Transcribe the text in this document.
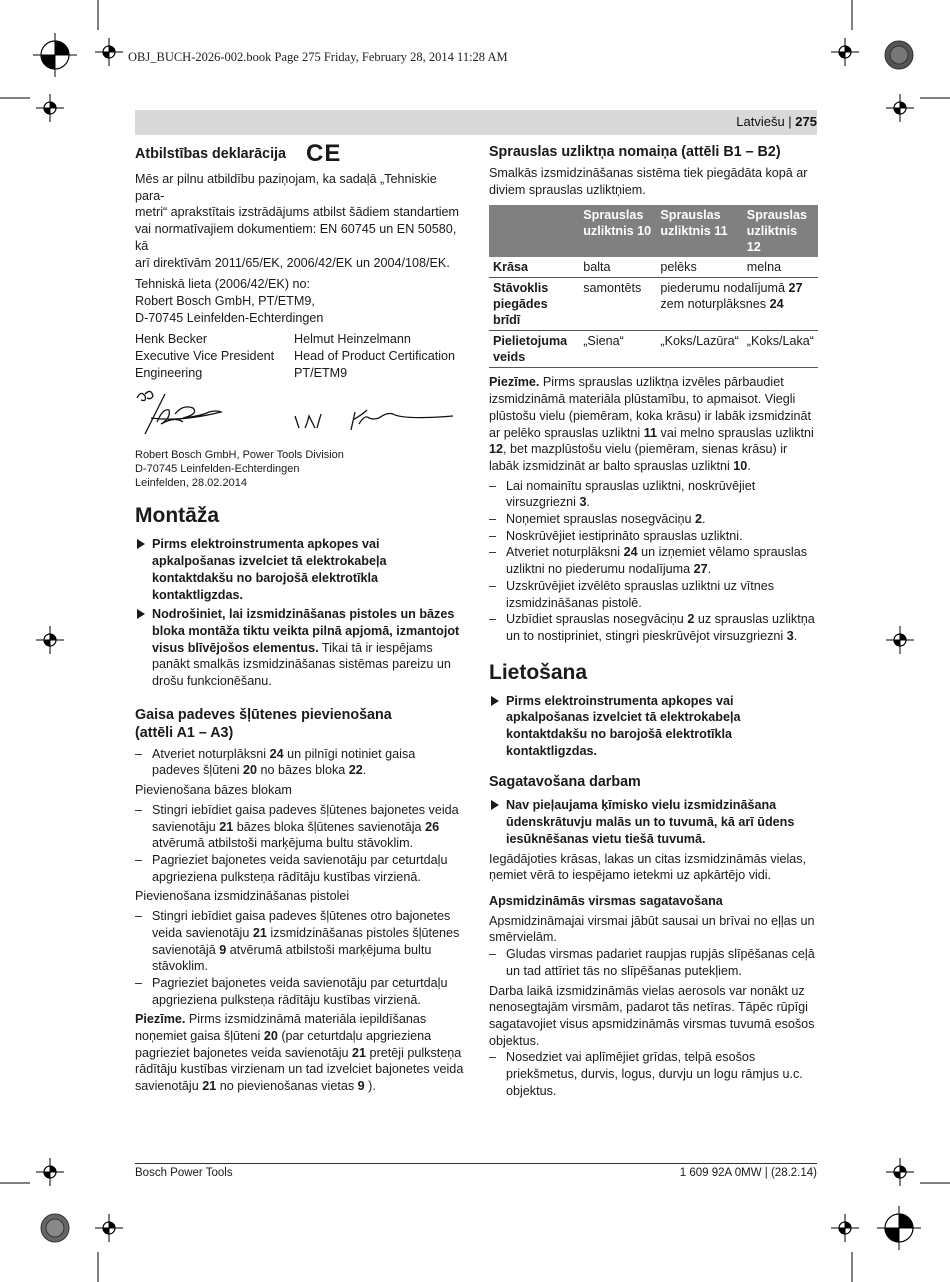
OBJ_BUCH-2026-002.book Page 275 Friday, February 28, 2014 11:28 AM
Latviešu | 275
Atbilstības deklarācija CE
Mēs ar pilnu atbildību paziņojam, ka sadaļā „Tehniskie para-
metri“ aprakstītais izstrādājums atbilst šādiem standartiem
vai normatīvajiem dokumentiem: EN 60745 un EN 50580, kā
arī direktīvām 2011/65/EK, 2006/42/EK un 2004/108/EK.
Tehniskā lieta (2006/42/EK) no:
Robert Bosch GmbH, PT/ETM9,
D-70745 Leinfelden-Echterdingen
Henk Becker
Executive Vice President
Engineering
Helmut Heinzelmann
Head of Product Certification
PT/ETM9
Robert Bosch GmbH, Power Tools Division
D-70745 Leinfelden-Echterdingen
Leinfelden, 28.02.2014
Montāža
Pirms elektroinstrumenta apkopes vai apkalpošanas izvelciet tā elektrokabeļa kontaktdakšu no barojošā elektrotīkla kontaktligzdas.
Nodrošiniet, lai izsmidzināšanas pistoles un bāzes bloka montāža tiktu veikta pilnā apjomā, izmantojot visus blīvējošos elementus. Tikai tā ir iespējams panākt smalkās izsmidzināšanas sistēmas pareizu un drošu funkcionēšanu.
Gaisa padeves šļūtenes pievienošana
(attēli A1 – A3)
– Atveriet noturplāksni 24 un pilnīgi notiniet gaisa padeves šļūteni 20 no bāzes bloka 22.
Pievienošana bāzes blokam
– Stingri iebīdiet gaisa padeves šļūtenes bajonetes veida savienotāju 21 bāzes bloka šļūtenes savienotāja 26 atvērumā atbilstoši marķējuma bultu stāvoklim.
– Pagrieziet bajonetes veida savienotāju par ceturtdaļu apgrieziena pulksteņa rādītāju kustības virzienā.
Pievienošana izsmidzināšanas pistolei
– Stingri iebīdiet gaisa padeves šļūtenes otro bajonetes veida savienotāju 21 izsmidzināšanas pistoles šļūtenes savienotājā 9 atvērumā atbilstoši marķējuma bultu stāvoklim.
– Pagrieziet bajonetes veida savienotāju par ceturtdaļu apgrieziena pulksteņa rādītāju kustības virzienā.
Piezīme. Pirms izsmidzināmā materiāla iepildīšanas noņemiet gaisa šļūteni 20 (par ceturtdaļu apgrieziena pagrieziet bajonetes veida savienotāju 21 pretēji pulksteņa rādītāju kustības virzienam un tad izvelciet bajonetes veida savienotāju 21 no pievienošanas vietas 9 ).
Sprauslas uzliktņa nomaiņa (attēli B1 – B2)
Smalkās izsmidzināšanas sistēma tiek piegādāta kopā ar diviem sprauslas uzliktņiem.
	Sprauslas uzliktnis 10	Sprauslas uzliktnis 11	Sprauslas uzliktnis 12
Krāsa	balta	pelēks	melna
Stāvoklis piegādes brīdī	samontēts	piederumu nodalījumā 27 zem noturplāksnes 24	
Pielietojuma veids	„Siena“	„Koks/Lazūra“	„Koks/Laka“
Piezīme. Pirms sprauslas uzliktņa izvēles pārbaudiet izsmidzināmā materiāla plūstamību, to apmaisot. Viegli plūstošu vielu (piemēram, koka krāsu) ir labāk izsmidzināt ar pelēko sprauslas uzliktni 11 vai melno sprauslas uzliktni 12, bet mazplūstošu vielu (piemēram, sienas krāsu) ir labāk izsmidzināt ar balto sprauslas uzliktni 10.
– Lai nomainītu sprauslas uzliktni, noskrūvējiet virsuzgriezni 3.
– Noņemiet sprauslas nosegvāciņu 2.
– Noskrūvējiet iestiprināto sprauslas uzliktni.
– Atveriet noturplāksni 24 un izņemiet vēlamo sprauslas uzliktni no piederumu nodalījuma 27.
– Uzskrūvējiet izvēlēto sprauslas uzliktni uz vītnes izsmidzināšanas pistolē.
– Uzbīdiet sprauslas nosegvāciņu 2 uz sprauslas uzliktņa un to nostipriniet, stingri pieskrūvējot virsuzgriezni 3.
Lietošana
Pirms elektroinstrumenta apkopes vai apkalpošanas izvelciet tā elektrokabeļa kontaktdakšu no barojošā elektrotīkla kontaktligzdas.
Sagatavošana darbam
Nav pieļaujama ķīmisko vielu izsmidzināšana ūdenskrātuvju malās un to tuvumā, kā arī ūdens iesūknēšanas vietu tiešā tuvumā.
Iegādājoties krāsas, lakas un citas izsmidzināmās vielas, ņemiet vērā to iespējamo ietekmi uz apkārtējo vidi.
Apsmidzināmās virsmas sagatavošana
Apsmidzināmajai virsmai jābūt sausai un brīvai no eļļas un smērvielām.
– Gludas virsmas padariet raupjas rupjās slīpēšanas ceļā un tad attīriet tās no slīpēšanas putekļiem.
Darba laikā izsmidzināmās vielas aerosols var nonākt uz nenosegtajām virsmām, padarot tās netīras. Tāpēc rūpīgi sagatavojiet visus apsmidzināmās virsmas tuvumā esošos objektus.
– Nosedziet vai aplīmējiet grīdas, telpā esošos priekšmetus, durvis, logus, durvju un logu rāmjus u.c. objektus.
Bosch Power Tools	1 609 92A 0MW | (28.2.14)
